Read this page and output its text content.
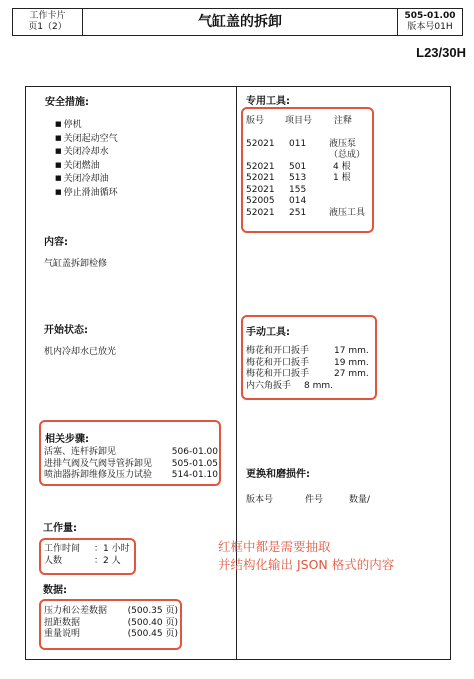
工作卡片
页1（2）	气缸盖的拆卸	505-01.00
版本号01H
L23/30H
安全措施:
■ 停机
■ 关闭起动空气
■ 关闭冷却水
■ 关闭燃油
■ 关闭冷却油
■ 停止滑油循环
内容:
气缸盖拆卸检修
开始状态:
机内冷却水已放光
相关步骤:
活塞、连杆拆卸见	506-01.00
进排气阀及气阀导管拆卸见	505-01.05
喷油器拆卸维修及压力试验	514-01.10
工作量:
工作时间	：1 小时
人数	：2 人
数据:
压力和公差数据	(500.35 页)
扭距数据	(500.40 页)
重量说明	(500.45 页)
专用工具:
版号	项目号	注释
52021	011	液压泵
（总成）
52021	501	4 根
52021	513	1 根
52021	155
52005	014
52021	251	液压工具
手动工具:
梅花和开口扳手	17 mm.
梅花和开口扳手	19 mm.
梅花和开口扳手	27 mm.
内六角扳手	8 mm.
更换和磨损件:
版本号	件号	数量/
红框中都是需要抽取
并结构化输出 JSON 格式的内容
